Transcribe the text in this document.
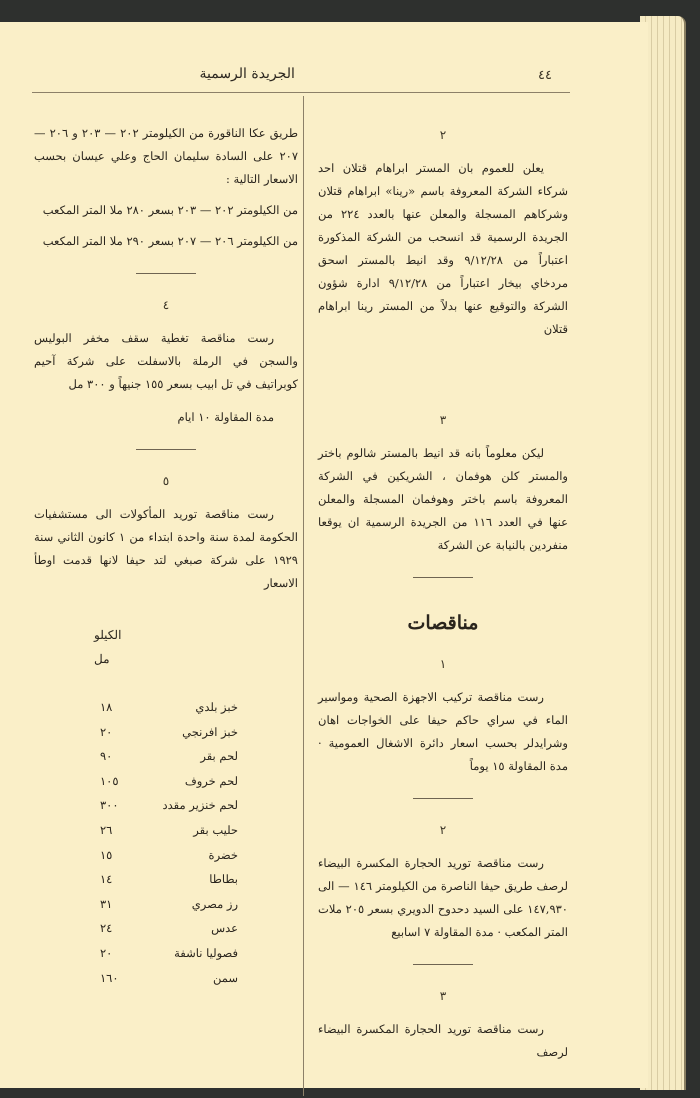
٤٤
الجريدة الرسمية
٢
يعلن للعموم بان المستر ابراهام قتلان احد شركاء الشركة المعروفة باسم «رينا» ابراهام قتلان وشركاهم المسجلة والمعلن عنها بالعدد ٢٢٤ من الجريدة الرسمية قد انسحب من الشركة المذكورة اعتباراً من ٩/١٢/٢٨ وقد انيط بالمستر اسحق مردخاي بيخار اعتباراً من ٩/١٢/٢٨ ادارة شؤون الشركة والتوقيع عنها بدلاً من المستر رينا ابراهام قتلان
٣
ليكن معلوماً بانه قد انيط بالمستر شالوم باختر والمستر كلن هوفمان ، الشريكين في الشركة المعروفة باسم باختر وهوفمان المسجلة والمعلن عنها في العدد ١١٦ من الجريدة الرسمية ان يوقعا منفردين بالنيابة عن الشركة
مناقصات
١
رست مناقصة تركيب الاجهزة الصحية ومواسير الماء في سراي حاكم حيفا على الخواجات اهان وشرايدلر بحسب اسعار دائرة الاشغال العمومية · مدة المقاولة ١٥ يوماً
٢
رست مناقصة توريد الحجارة المكسرة البيضاء لرصف طريق حيفا الناصرة من الكيلومتر ١٤٦ — الى ١٤٧,٩٣٠ على السيد دحدوح الدويري بسعر ٢٠٥ ملات المتر المكعب · مدة المقاولة ٧ اسابيع
٣
رست مناقصة توريد الحجارة المكسرة البيضاء لرصف
طريق عكا الناقورة من الكيلومتر ٢٠٢ — ٢٠٣ و ٢٠٦ — ٢٠٧ على السادة سليمان الحاج وعلي عيسان بحسب الاسعار التالية :
من الكيلومتر ٢٠٢ — ٢٠٣ بسعر ٢٨٠ ملا المتر المكعب
من الكيلومتر ٢٠٦ — ٢٠٧ بسعر ٢٩٠ ملا المتر المكعب
٤
رست مناقصة تغطية سقف مخفر البوليس والسجن في الرملة بالاسفلت على شركة آحيم كوبراتيف في تل ابيب بسعر ١٥٥ جنيهاً و ٣٠٠ مل
مدة المقاولة ١٠ ايام
٥
رست مناقصة توريد المأكولات الى مستشفيات الحكومة لمدة سنة واحدة ابتداء من ١ كانون الثاني سنة ١٩٢٩ على شركة صبغي لتد حيفا لانها قدمت اوطأ الاسعار
الكيلو
مل
خبز بلدي	١٨
خبز افرنجي	٢٠
لحم بقر	٩٠
لحم خروف	١٠٥
لحم خنزير مقدد	٣٠٠
حليب بقر	٢٦
خضرة	١٥
بطاطا	١٤
رز مصري	٣١
عدس	٢٤
فصوليا ناشفة	٢٠
سمن	١٦٠
